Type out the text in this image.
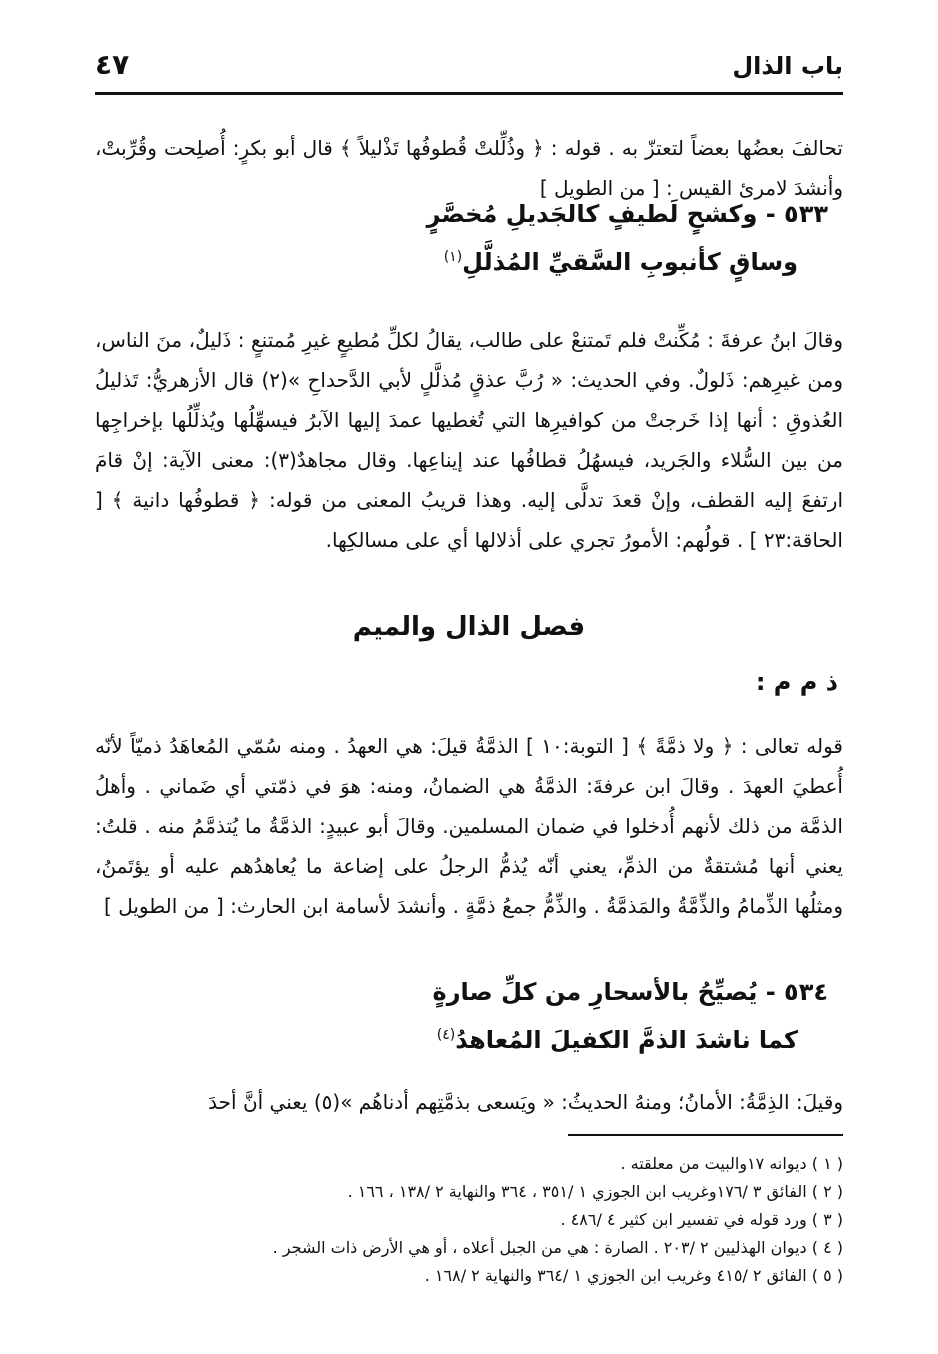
باب الذال
٤٧

تحالفَ بعضُها بعضاً لتعتزّ به . قوله : ﴿ وذُلِّلتْ قُطوفُها تَذْليلاً ﴾ قال أبو بكرٍ: أُصلِحت وقُرِّبتْ، وأنشدَ لامرئ القيس : [ من الطويل ]

٥٣٣ - وكشحٍ لَطيفٍ كالجَديلِ مُخصَّرٍ
وساقٍ كأنبوبِ السَّقيِّ المُذلَّلِ$^{(١)}$

وقالَ ابنُ عرفةَ : مُكِّنتْ فلم تَمتنعْ على طالب، يقالُ لكلِّ مُطيعٍ غيرِ مُمتنعٍ : ذَليلٌ، منَ الناس، ومن غيرِهم: ذَلولٌ. وفي الحديث: « رُبَّ عذقٍ مُذلَّلٍ لأبي الدَّحداحِ »(٢) قال الأزهريُّ: تَذليلُ العُذوقِ : أنها إذا خَرجتْ من كوافيرِها التي تُغطيها عمدَ إليها الآبرُ فيسهِّلُها ويُذلِّلُها بإخراجِها من بين السُّلاء والجَريد، فيسهُلُ قطافُها عند إيناعِها. وقال مجاهدٌ(٣): معنى الآية: إنْ قامَ ارتفعَ إليه القطف، وإنْ قعدَ تدلَّى إليه. وهذا قريبُ المعنى من قوله: ﴿ قطوفُها دانية ﴾ [ الحاقة:٢٣ ] . قولُهم: الأمورُ تجري على أذلالها أي على مسالكِها.

فصل الذال والميم
ذ م م :

قوله تعالى : ﴿ ولا ذمَّةً ﴾ [ التوبة:١٠ ] الذمَّةُ قيلَ: هي العهدُ . ومنه سُمّي المُعاهَدُ ذميّاً لأنّه أُعطيَ العهدَ . وقالَ ابن عرفةَ: الذمَّةُ هي الضمانُ، ومنه: هوَ في ذمّتي أي ضَماني . وأهلُ الذمَّة من ذلك لأنهم أُدخلوا في ضمان المسلمين. وقالَ أبو عبيدٍ: الذمَّةُ ما يُتذمَّمُ منه . قلتُ: يعني أنها مُشتقةٌ من الذمِّ، يعني أنّه يُذمُّ الرجلُ على إضاعة ما يُعاهدُهم عليه أو يؤتَمنُ، ومثلُها الذِّمامُ والذِّمَّةُ والمَذمَّةُ . والذِّمُّ جمعُ ذمَّةٍ . وأنشدَ لأسامة ابن الحارث: [ من الطويل ]

٥٣٤ - يُصيِّحُ بالأسحارِ من كلِّ صارةٍ
كما ناشدَ الذمَّ الكفيلَ المُعاهدُ$^{(٤)}$

وقيلَ: الذِمَّةُ: الأمانُ؛ ومنهُ الحديثُ: « ويَسعى بذمَّتِهم أدناهُم »(٥) يعني أنَّ أحدَ

( ١ ) ديوانه ١٧والبيت من معلقته .
( ٢ ) الفائق ٣ /١٧٦وغريب ابن الجوزي ١ /٣٥١ ، ٣٦٤ والنهاية ٢ /١٣٨ ، ١٦٦ .
( ٣ ) ورد قوله في تفسير ابن كثير ٤ /٤٨٦ .
( ٤ ) ديوان الهذليين ٢ /٢٠٣ . الصارة : هي من الجبل أعلاه ، أو هي الأرض ذات الشجر .
( ٥ ) الفائق ٢ /٤١٥ وغريب ابن الجوزي ١ /٣٦٤ والنهاية ٢ /١٦٨ .
